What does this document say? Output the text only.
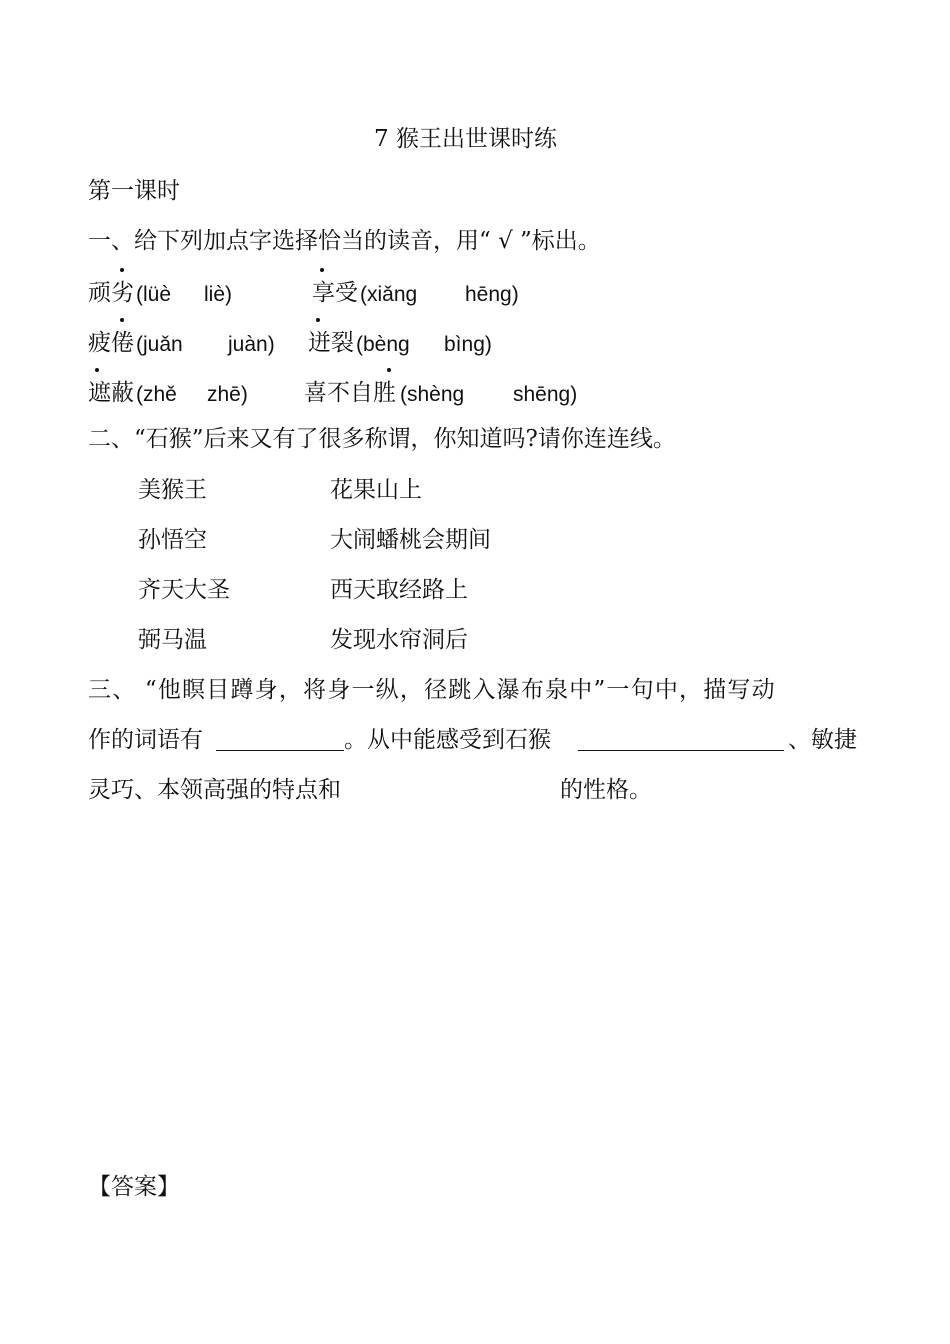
7 猴王出世课时练
第一课时
一、给下列加点字选择恰当的读音，用“ √ ”标出。
顽劣 (lüè liè)	享受 (xiǎng hēng)
疲倦 (juǎn juàn) 迸裂 (bèng bìng)
遮蔽 (zhě zhē) 喜不自胜 (shèng shēng)
二、“石猴”后来又有了很多称谓，你知道吗?请你连连线。
美猴王	花果山上
孙悟空	大闹蟠桃会期间
齐天大圣	西天取经路上
弼马温	发现水帘洞后
三、 “他瞑目蹲身，将身一纵，径跳入瀑布泉中”一句中，描写动
作的词语有	。从中能感受到石猴	、敏捷
灵巧、本领高强的特点和	的性格。
【答案】
